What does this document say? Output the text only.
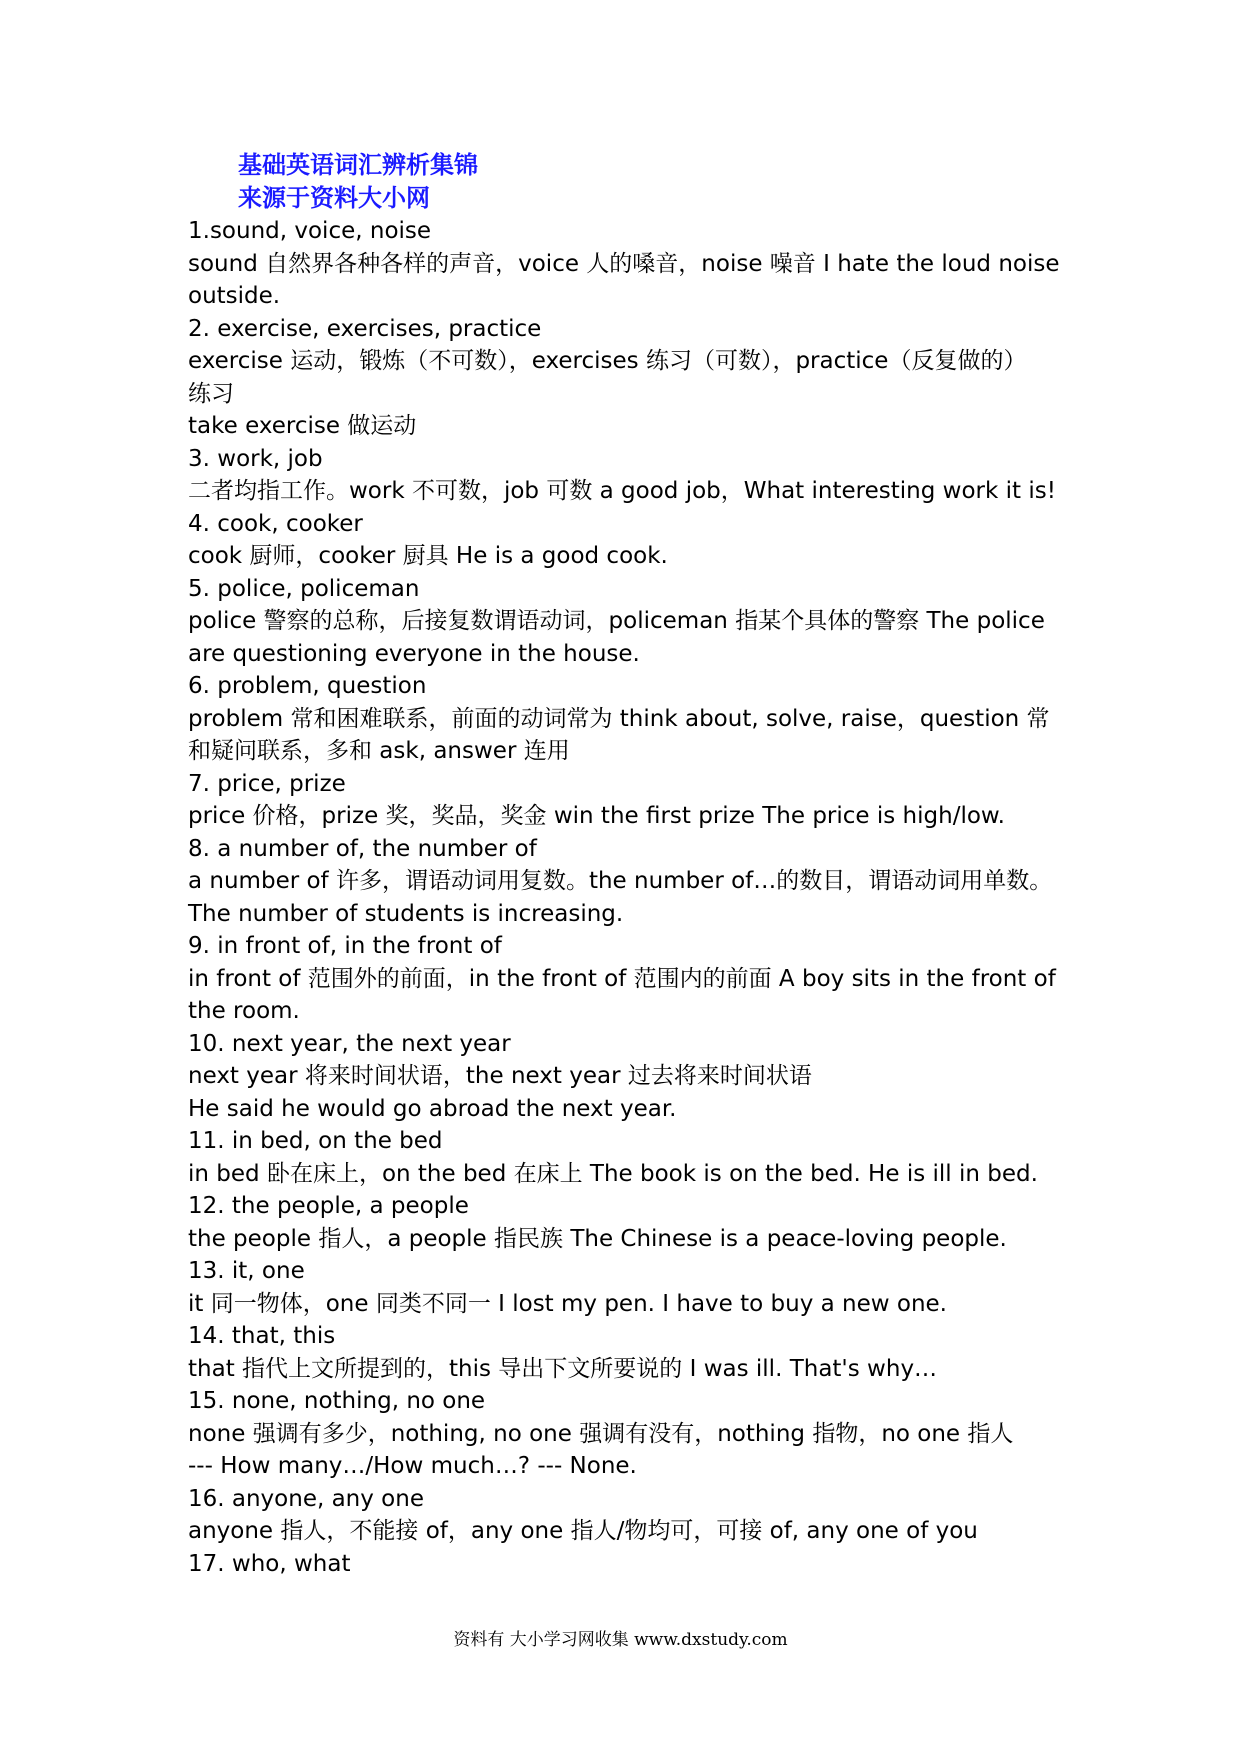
基础英语词汇辨析集锦
来源于资料大小网
1.sound, voice, noise
sound 自然界各种各样的声音，voice 人的嗓音，noise 噪音 I hate the loud noise
outside.
2. exercise, exercises, practice
exercise 运动，锻炼（不可数），exercises 练习（可数），practice（反复做的）
练习
take exercise 做运动
3. work, job
二者均指工作。work 不可数，job 可数 a good job，What interesting work it is!
4. cook, cooker
cook 厨师，cooker 厨具 He is a good cook.
5. police, policeman
police 警察的总称，后接复数谓语动词，policeman 指某个具体的警察 The police
are questioning everyone in the house.
6. problem, question
problem 常和困难联系，前面的动词常为 think about, solve, raise，question 常
和疑问联系，多和 ask, answer 连用
7. price, prize
price 价格，prize 奖，奖品，奖金 win the first prize The price is high/low.
8. a number of, the number of
a number of 许多，谓语动词用复数。the number of…的数目，谓语动词用单数。
The number of students is increasing.
9. in front of, in the front of
in front of 范围外的前面，in the front of 范围内的前面 A boy sits in the front of
the room.
10. next year, the next year
next year 将来时间状语，the next year 过去将来时间状语
He said he would go abroad the next year.
11. in bed, on the bed
in bed 卧在床上，on the bed 在床上 The book is on the bed. He is ill in bed.
12. the people, a people
the people 指人，a people 指民族 The Chinese is a peace-loving people.
13. it, one
it 同一物体，one 同类不同一 I lost my pen. I have to buy a new one.
14. that, this
that 指代上文所提到的，this 导出下文所要说的 I was ill. That's why…
15. none, nothing, no one
none 强调有多少，nothing, no one 强调有没有，nothing 指物，no one 指人
--- How many…/How much…? --- None.
16. anyone, any one
anyone 指人，不能接 of，any one 指人/物均可，可接 of, any one of you
17. who, what
资料有 大小学习网收集 www.dxstudy.com
